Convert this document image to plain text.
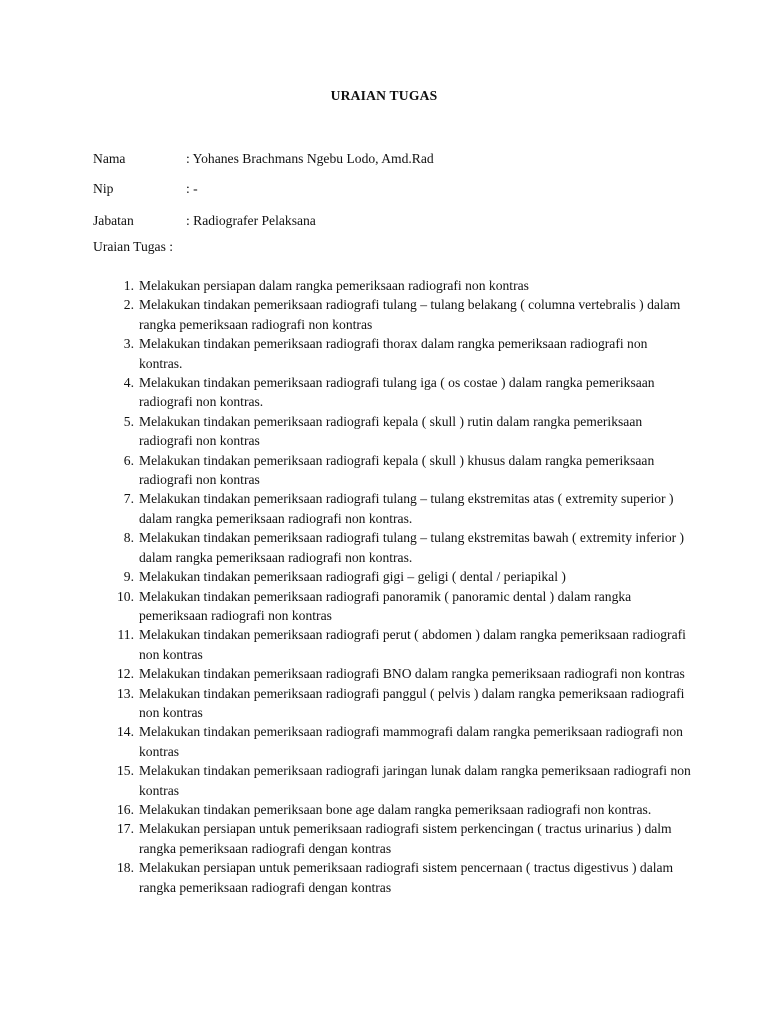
URAIAN TUGAS
Nama	: Yohanes Brachmans Ngebu Lodo, Amd.Rad
Nip	: -
Jabatan	: Radiografer Pelaksana
Uraian Tugas :
1. Melakukan persiapan dalam rangka pemeriksaan radiografi non kontras
2. Melakukan tindakan pemeriksaan radiografi tulang – tulang belakang ( columna vertebralis ) dalam rangka pemeriksaan radiografi non kontras
3. Melakukan tindakan pemeriksaan radiografi thorax dalam rangka pemeriksaan radiografi non kontras.
4. Melakukan tindakan pemeriksaan radiografi tulang iga ( os costae ) dalam rangka pemeriksaan radiografi non kontras.
5. Melakukan tindakan pemeriksaan radiografi kepala ( skull ) rutin dalam rangka pemeriksaan radiografi non kontras
6. Melakukan tindakan pemeriksaan radiografi kepala ( skull ) khusus dalam rangka pemeriksaan radiografi non kontras
7. Melakukan tindakan pemeriksaan radiografi tulang – tulang ekstremitas atas ( extremity superior ) dalam rangka pemeriksaan radiografi non kontras.
8. Melakukan tindakan pemeriksaan radiografi tulang – tulang ekstremitas bawah ( extremity inferior ) dalam rangka pemeriksaan radiografi non kontras.
9. Melakukan tindakan pemeriksaan radiografi gigi – geligi ( dental / periapikal )
10. Melakukan tindakan pemeriksaan radiografi panoramik ( panoramic dental ) dalam rangka pemeriksaan radiografi non kontras
11. Melakukan tindakan pemeriksaan radiografi perut ( abdomen ) dalam rangka pemeriksaan radiografi non kontras
12. Melakukan tindakan pemeriksaan radiografi BNO dalam rangka pemeriksaan radiografi non kontras
13. Melakukan tindakan pemeriksaan radiografi panggul ( pelvis ) dalam rangka pemeriksaan radiografi non kontras
14. Melakukan tindakan pemeriksaan radiografi mammografi dalam rangka pemeriksaan radiografi non kontras
15. Melakukan tindakan pemeriksaan radiografi jaringan lunak dalam rangka pemeriksaan radiografi non kontras
16. Melakukan tindakan pemeriksaan bone age dalam rangka pemeriksaan radiografi non kontras.
17. Melakukan persiapan untuk pemeriksaan radiografi sistem perkencingan ( tractus urinarius ) dalm rangka pemeriksaan radiografi dengan kontras
18. Melakukan persiapan untuk pemeriksaan radiografi sistem pencernaan ( tractus digestivus ) dalam rangka pemeriksaan radiografi dengan kontras
